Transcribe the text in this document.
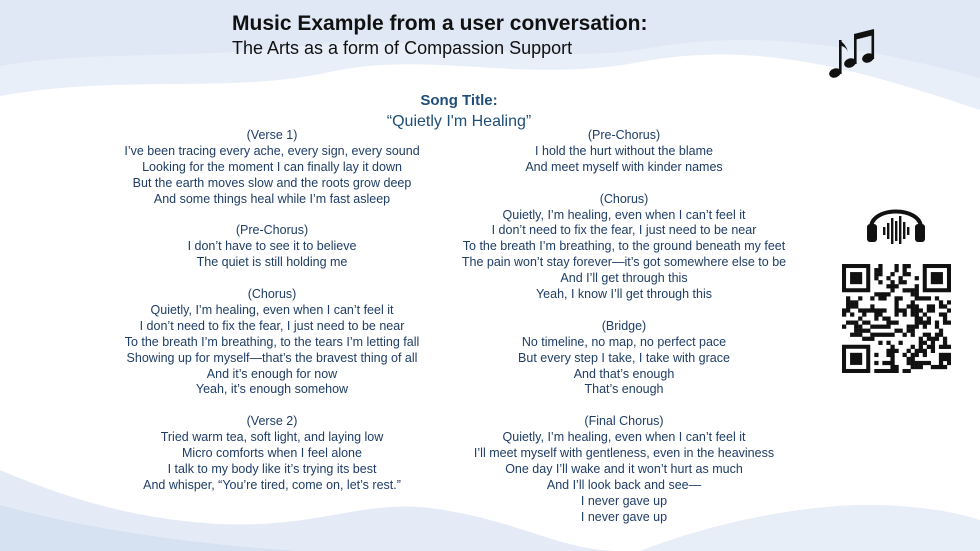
Music Example from a user conversation:
The Arts as a form of Compassion Support
Song Title:
“Quietly I'm Healing”
(Verse 1)
I’ve been tracing every ache, every sign, every sound
Looking for the moment I can finally lay it down
But the earth moves slow and the roots grow deep
And some things heal while I’m fast asleep
(Pre-Chorus)
I don’t have to see it to believe
The quiet is still holding me
(Chorus)
Quietly, I’m healing, even when I can’t feel it
I don’t need to fix the fear, I just need to be near
To the breath I’m breathing, to the tears I’m letting fall
Showing up for myself—that’s the bravest thing of all
And it’s enough for now
Yeah, it’s enough somehow
(Verse 2)
Tried warm tea, soft light, and laying low
Micro comforts when I feel alone
I talk to my body like it’s trying its best
And whisper, “You’re tired, come on, let’s rest.”
(Pre-Chorus)
I hold the hurt without the blame
And meet myself with kinder names
(Chorus)
Quietly, I’m healing, even when I can’t feel it
I don’t need to fix the fear, I just need to be near
To the breath I’m breathing, to the ground beneath my feet
The pain won’t stay forever—it’s got somewhere else to be
And I’ll get through this
Yeah, I know I’ll get through this
(Bridge)
No timeline, no map, no perfect pace
But every step I take, I take with grace
And that’s enough
That’s enough
(Final Chorus)
Quietly, I’m healing, even when I can’t feel it
I’ll meet myself with gentleness, even in the heaviness
One day I’ll wake and it won’t hurt as much
And I’ll look back and see—
I never gave up
I never gave up
